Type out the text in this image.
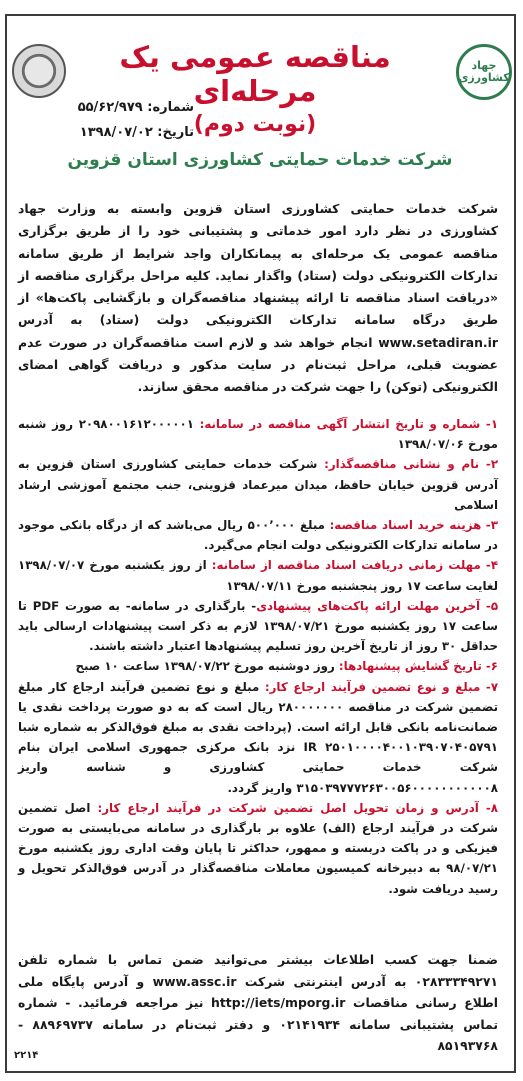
جهاد کشاورزی
مناقصه عمومی یک مرحله‌ای
شماره: ۵۵/۶۲/۹۷۹
تاریخ: ۱۳۹۸/۰۷/۰۲ (نوبت دوم)
شرکت خدمات حمایتی کشاورزی استان قزوین
شرکت خدمات حمایتی کشاورزی استان قزوین وابسته به وزارت جهاد کشاورزی در نظر دارد امور خدماتی و پشتیبانی خود را از طریق برگزاری مناقصه عمومی یک مرحله‌ای به پیمانکاران واجد شرایط از طریق سامانه تدارکات الکترونیکی دولت (ستاد) واگذار نماید. کلیه مراحل برگزاری مناقصه از «دریافت اسناد مناقصه تا ارائه پیشنهاد مناقصه‌گران و بازگشایی پاکت‌ها» از طریق درگاه سامانه تدارکات الکترونیکی دولت (ستاد) به آدرس www.setadiran.ir انجام خواهد شد و لازم است مناقصه‌گران در صورت عدم عضویت قبلی، مراحل ثبت‌نام در سایت مذکور و دریافت گواهی امضای الکترونیکی (توکن) را جهت شرکت در مناقصه محقق سازند.
۱- شماره و تاریخ انتشار آگهی مناقصه در سامانه: ۲۰۹۸۰۰۱۶۱۲۰۰۰۰۰۱ روز شنبه مورخ ۱۳۹۸/۰۷/۰۶
۲- نام و نشانی مناقصه‌گذار: شرکت خدمات حمایتی کشاورزی استان قزوین به آدرس قزوین خیابان حافظ، میدان میرعماد قزوینی، جنب مجتمع آموزشی ارشاد اسلامی
۳- هزینه خرید اسناد مناقصه: مبلغ ۵۰۰٬۰۰۰ ریال می‌باشد که از درگاه بانکی موجود در سامانه تدارکات الکترونیکی دولت انجام می‌گیرد.
۴- مهلت زمانی دریافت اسناد مناقصه از سامانه: از روز یکشنبه مورخ ۱۳۹۸/۰۷/۰۷ لغایت ساعت ۱۷ روز پنجشنبه مورخ ۱۳۹۸/۰۷/۱۱
۵- آخرین مهلت ارائه پاکت‌های پیشنهادی- بارگذاری در سامانه- به صورت PDF تا ساعت ۱۷ روز یکشنبه مورخ ۱۳۹۸/۰۷/۲۱ لازم به ذکر است پیشنهادات ارسالی باید حداقل ۳۰ روز از تاریخ آخرین روز تسلیم پیشنهادها اعتبار داشته باشند.
۶- تاریخ گشایش پیشنهادها: روز دوشنبه مورخ ۱۳۹۸/۰۷/۲۲ ساعت ۱۰ صبح
۷- مبلغ و نوع تضمین فرآیند ارجاع کار: مبلغ و نوع تضمین فرآیند ارجاع کار مبلغ تضمین شرکت در مناقصه ۲۸۰۰۰۰۰۰۰ ریال است که به دو صورت پرداخت نقدی یا ضمانت‌نامه بانکی قابل ارائه است. (پرداخت نقدی به مبلغ فوق‌الذکر به شماره شبا IR ۲۵۰۱۰۰۰۰۴۰۰۱۰۳۹۰۷۰۴۰۵۷۹۱ نزد بانک مرکزی جمهوری اسلامی ایران بنام شرکت خدمات حمایتی کشاورزی و شناسه واریز ۳۱۵۰۳۹۷۷۷۲۶۳۰۰۵۶۰۰۰۰۰۰۰۰۰۰۰۸ واریز گردد.
۸- آدرس و زمان تحویل اصل تضمین شرکت در فرآیند ارجاع کار: اصل تضمین شرکت در فرآیند ارجاع (الف) علاوه بر بارگذاری در سامانه می‌بایستی به صورت فیزیکی و در پاکت دربسته و ممهور، حداکثر تا پایان وقت اداری روز یکشنبه مورخ ۹۸/۰۷/۲۱ به دبیرخانه کمیسیون معاملات مناقصه‌گذار در آدرس فوق‌الذکر تحویل و رسید دریافت شود.
ضمنا جهت کسب اطلاعات بیشتر می‌توانید ضمن تماس با شماره تلفن ۰۲۸۳۳۳۴۹۲۷۱ به آدرس اینترنتی شرکت www.assc.ir و آدرس پایگاه ملی اطلاع رسانی مناقصات http://iets/mporg.ir نیز مراجعه فرمائید. - شماره تماس پشتیبانی سامانه ۰۲۱۴۱۹۳۴ و دفتر ثبت‌نام در سامانه ۸۸۹۶۹۷۳۷ - ۸۵۱۹۳۷۶۸
۲۲۱۴
